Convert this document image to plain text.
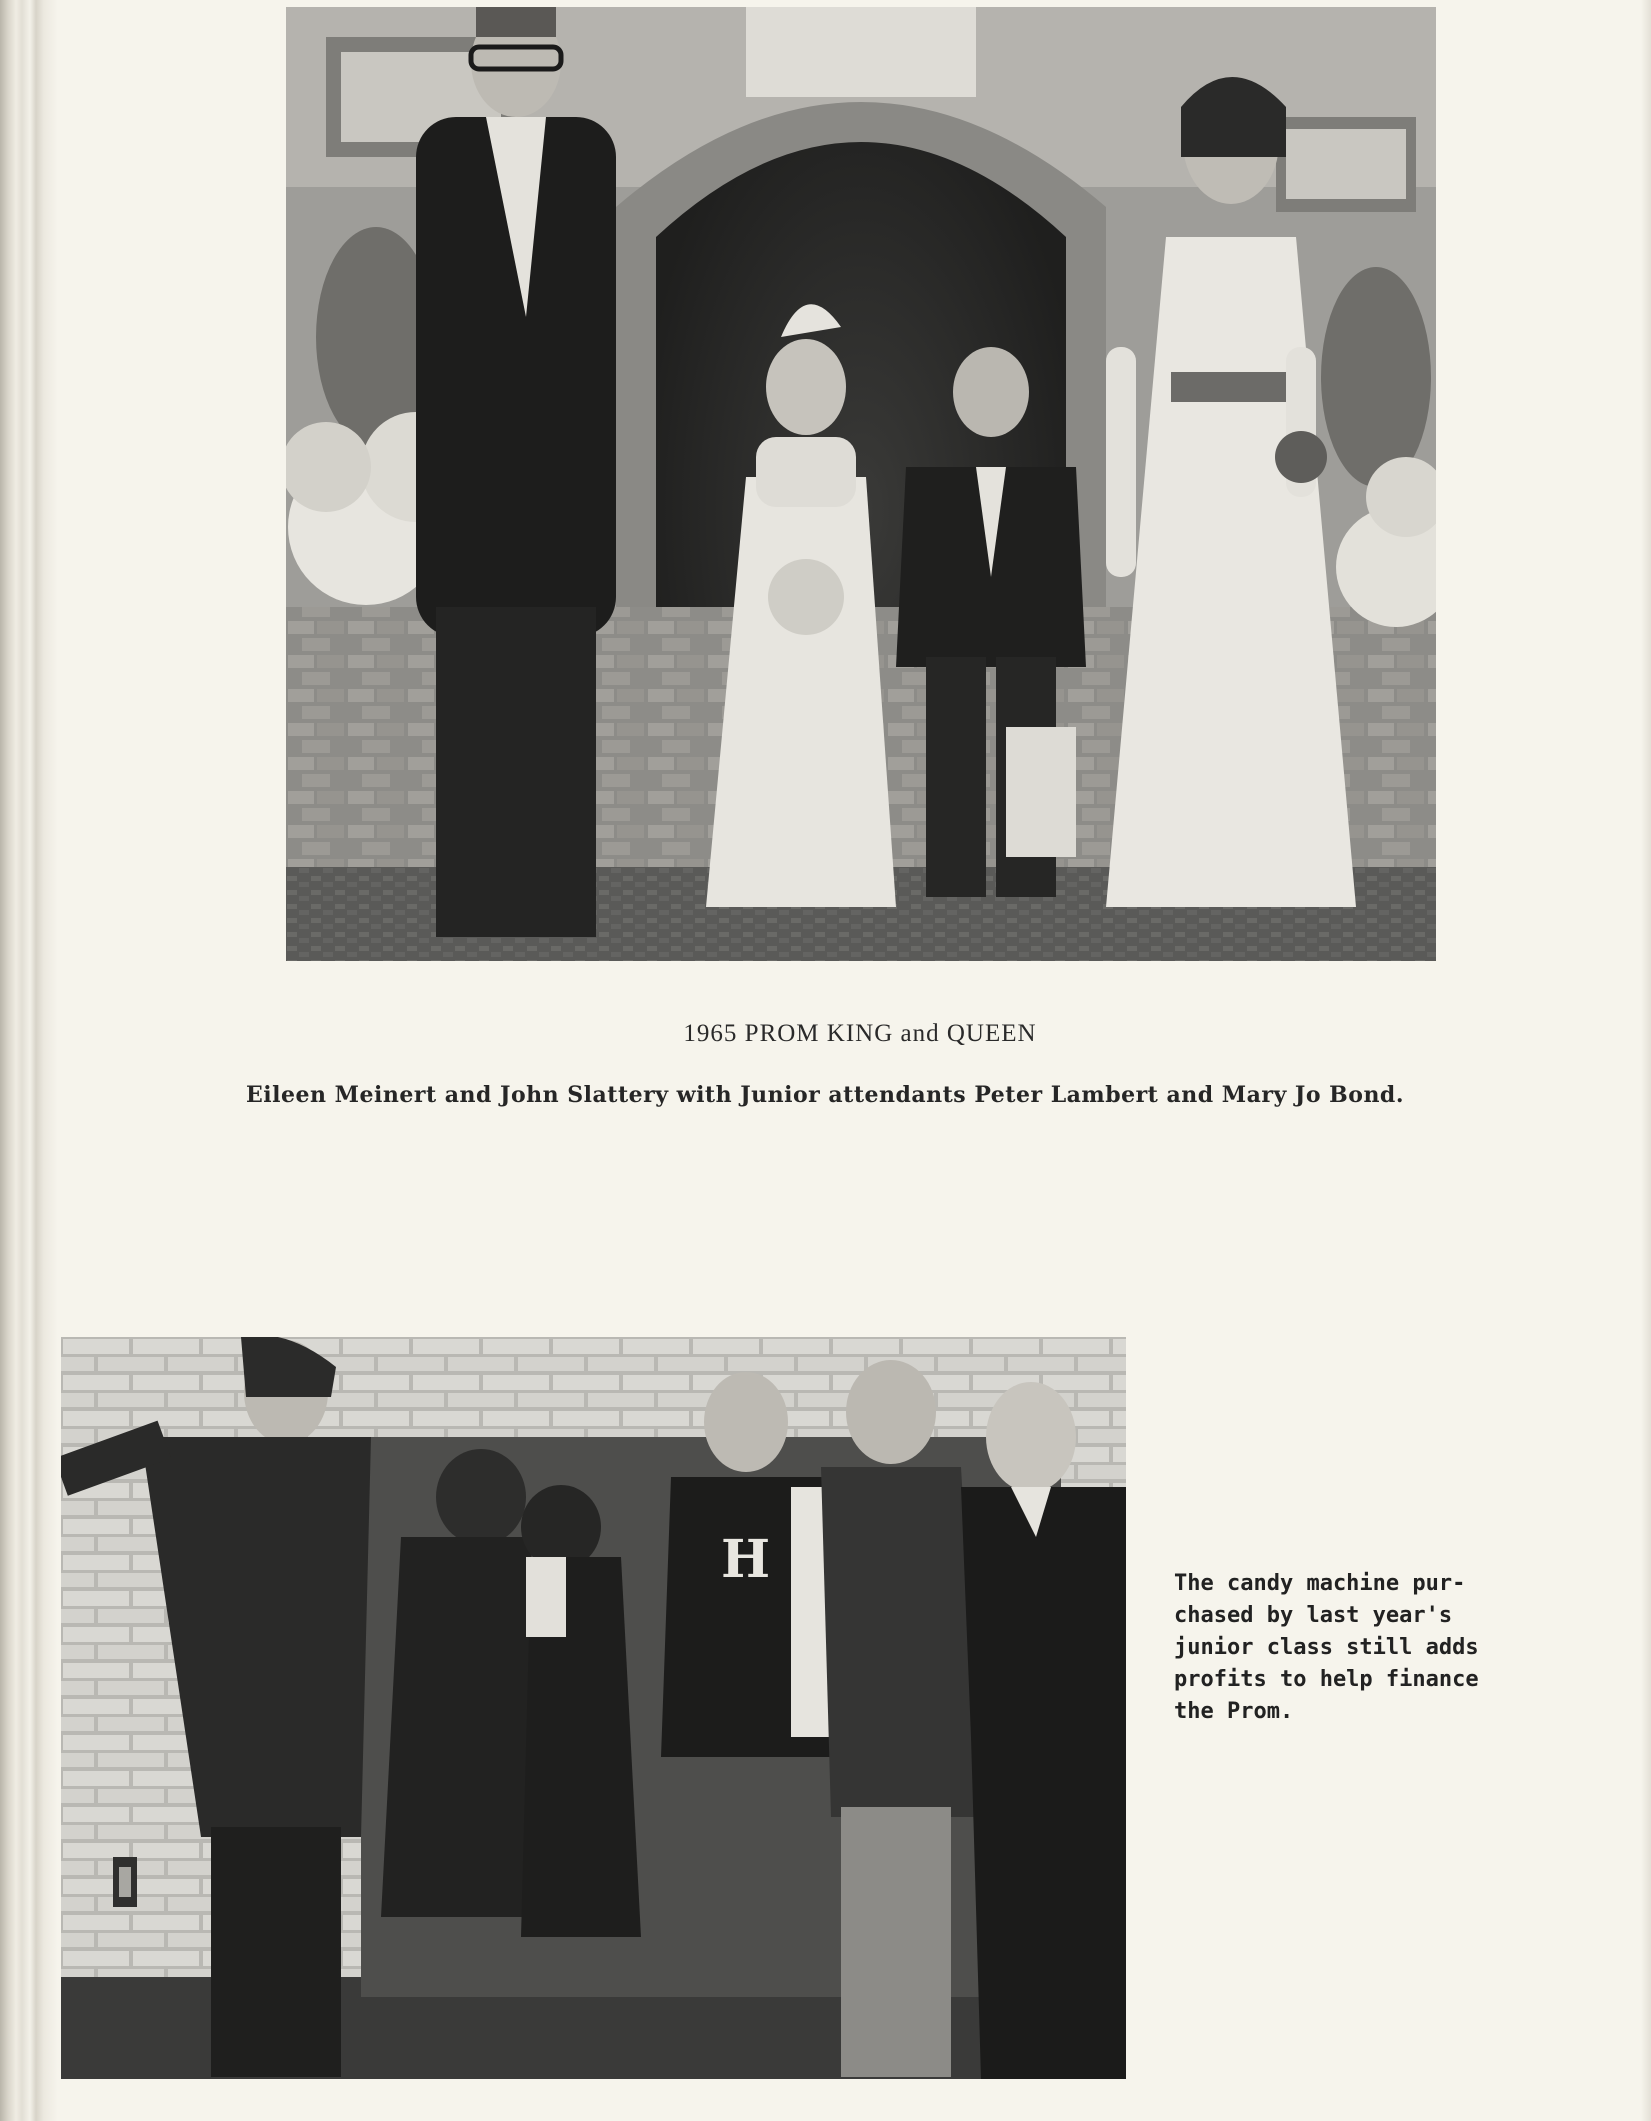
1965 PROM KING and QUEEN
Eileen Meinert and John Slattery with Junior attendants Peter Lambert and Mary Jo Bond.
H	The candy machine pur-
chased by last year's
junior class still adds
profits to help finance
the Prom.
